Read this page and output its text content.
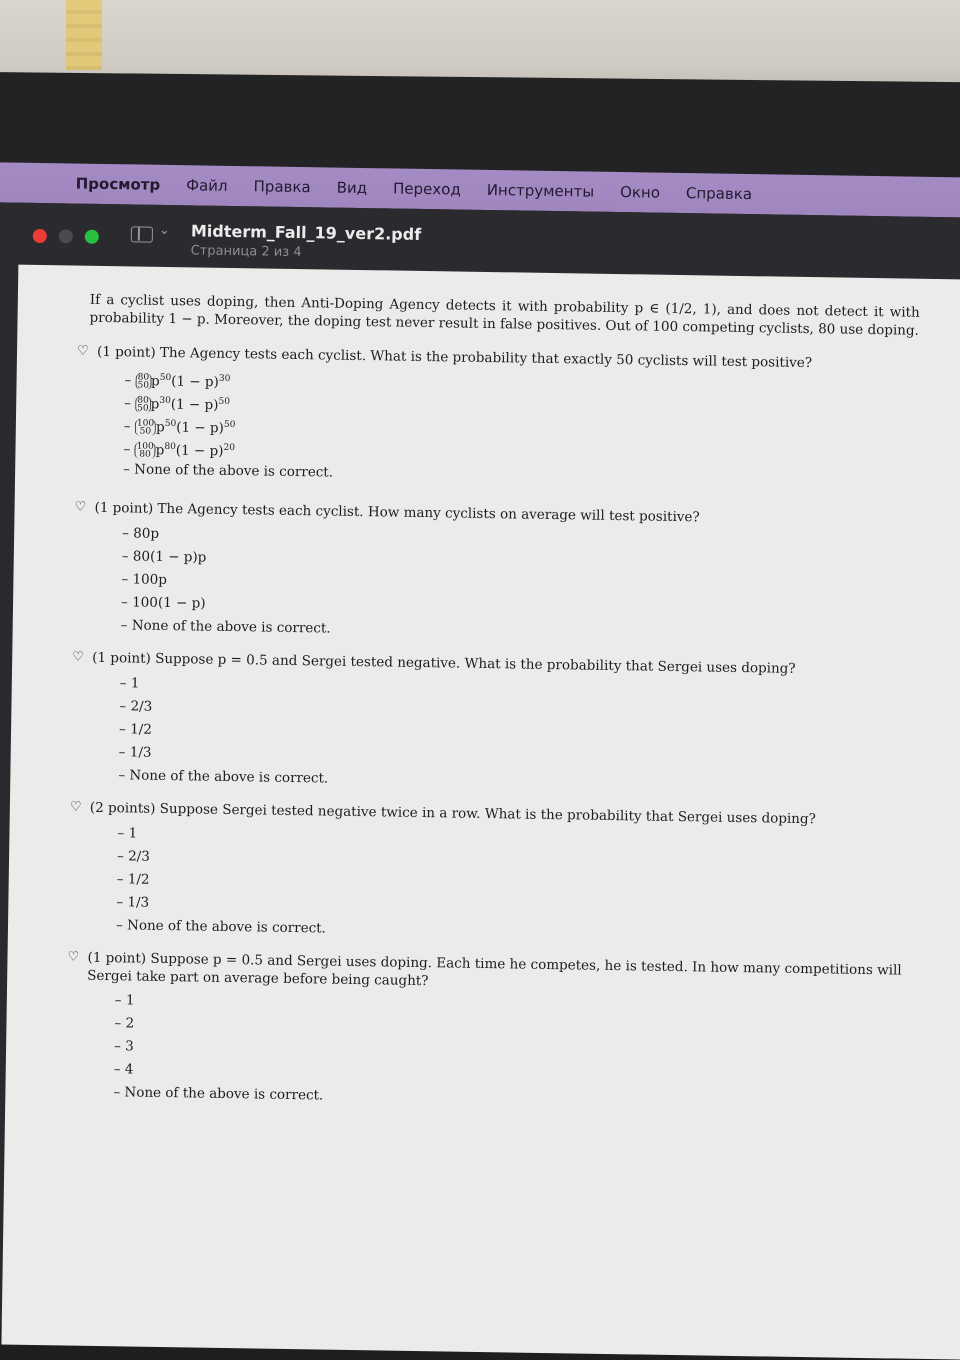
Просмотр Файл Правка Вид Переход Инструменты Окно Справка
⌄ Midterm_Fall_19_ver2.pdf
Страница 2 из 4
If a cyclist uses doping, then Anti-Doping Agency detects it with probability p ∈ (1/2, 1), and does not detect it with probability 1 − p. Moreover, the doping test never result in false positives. Out of 100 competing cyclists, 80 use doping.
♡ (1 point) The Agency tests each cyclist. What is the probability that exactly 50 cyclists will test positive?
– 80
50 $p^{50}(1 - p)^{30}$
– 80
50 $p^{30}(1 - p)^{50}$
– 100
50 $p^{50}(1 - p)^{50}$
– 100
80 $p^{80}(1 - p)^{20}$
– None of the above is correct.
♡ (1 point) The Agency tests each cyclist. How many cyclists on average will test positive?
– 80p
– 80(1 − p)p
– 100p
– 100(1 − p)
– None of the above is correct.
♡ (1 point) Suppose p = 0.5 and Sergei tested negative. What is the probability that Sergei uses doping?
– 1
– 2/3
– 1/2
– 1/3
– None of the above is correct.
♡ (2 points) Suppose Sergei tested negative twice in a row. What is the probability that Sergei uses doping?
– 1
– 2/3
– 1/2
– 1/3
– None of the above is correct.
♡ (1 point) Suppose p = 0.5 and Sergei uses doping. Each time he competes, he is tested. In how many competitions will Sergei take part on average before being caught?
– 1
– 2
– 3
– 4
– None of the above is correct.
